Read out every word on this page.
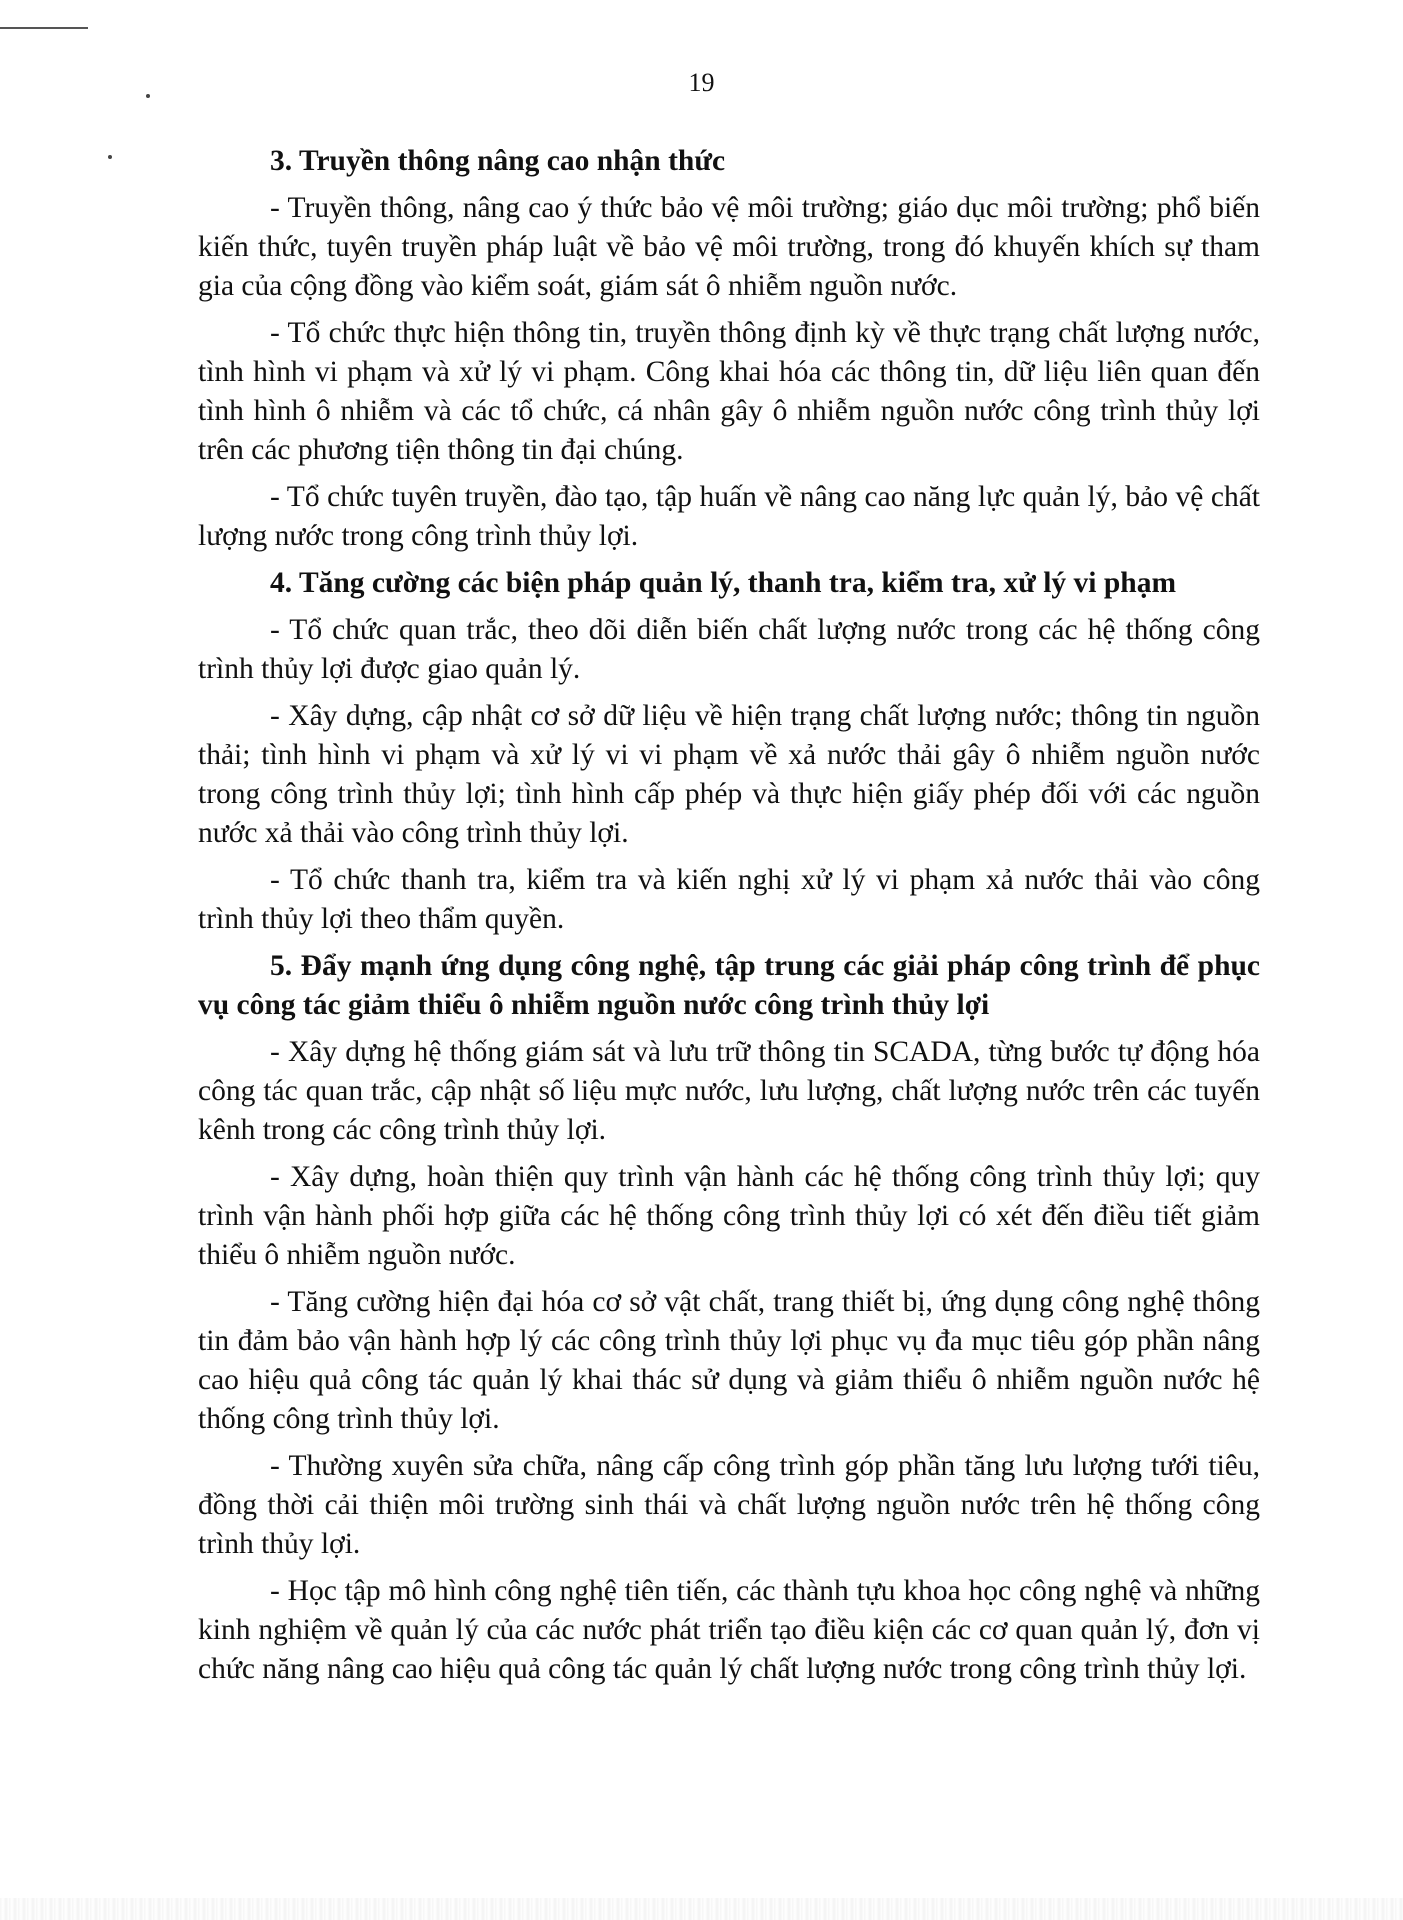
19

3. Truyền thông nâng cao nhận thức

- Truyền thông, nâng cao ý thức bảo vệ môi trường; giáo dục môi trường; phổ biến kiến thức, tuyên truyền pháp luật về bảo vệ môi trường, trong đó khuyến khích sự tham gia của cộng đồng vào kiểm soát, giám sát ô nhiễm nguồn nước.

- Tổ chức thực hiện thông tin, truyền thông định kỳ về thực trạng chất lượng nước, tình hình vi phạm và xử lý vi phạm. Công khai hóa các thông tin, dữ liệu liên quan đến tình hình ô nhiễm và các tổ chức, cá nhân gây ô nhiễm nguồn nước công trình thủy lợi trên các phương tiện thông tin đại chúng.

- Tổ chức tuyên truyền, đào tạo, tập huấn về nâng cao năng lực quản lý, bảo vệ chất lượng nước trong công trình thủy lợi.

4. Tăng cường các biện pháp quản lý, thanh tra, kiểm tra, xử lý vi phạm

- Tổ chức quan trắc, theo dõi diễn biến chất lượng nước trong các hệ thống công trình thủy lợi được giao quản lý.

- Xây dựng, cập nhật cơ sở dữ liệu về hiện trạng chất lượng nước; thông tin nguồn thải; tình hình vi phạm và xử lý vi vi phạm về xả nước thải gây ô nhiễm nguồn nước trong công trình thủy lợi; tình hình cấp phép và thực hiện giấy phép đối với các nguồn nước xả thải vào công trình thủy lợi.

- Tổ chức thanh tra, kiểm tra và kiến nghị xử lý vi phạm xả nước thải vào công trình thủy lợi theo thẩm quyền.

5. Đẩy mạnh ứng dụng công nghệ, tập trung các giải pháp công trình để phục vụ công tác giảm thiểu ô nhiễm nguồn nước công trình thủy lợi

- Xây dựng hệ thống giám sát và lưu trữ thông tin SCADA, từng bước tự động hóa công tác quan trắc, cập nhật số liệu mực nước, lưu lượng, chất lượng nước trên các tuyến kênh trong các công trình thủy lợi.

- Xây dựng, hoàn thiện quy trình vận hành các hệ thống công trình thủy lợi; quy trình vận hành phối hợp giữa các hệ thống công trình thủy lợi có xét đến điều tiết giảm thiểu ô nhiễm nguồn nước.

- Tăng cường hiện đại hóa cơ sở vật chất, trang thiết bị, ứng dụng công nghệ thông tin đảm bảo vận hành hợp lý các công trình thủy lợi phục vụ đa mục tiêu góp phần nâng cao hiệu quả công tác quản lý khai thác sử dụng và giảm thiểu ô nhiễm nguồn nước hệ thống công trình thủy lợi.

- Thường xuyên sửa chữa, nâng cấp công trình góp phần tăng lưu lượng tưới tiêu, đồng thời cải thiện môi trường sinh thái và chất lượng nguồn nước trên hệ thống công trình thủy lợi.

- Học tập mô hình công nghệ tiên tiến, các thành tựu khoa học công nghệ và những kinh nghiệm về quản lý của các nước phát triển tạo điều kiện các cơ quan quản lý, đơn vị chức năng nâng cao hiệu quả công tác quản lý chất lượng nước trong công trình thủy lợi.
